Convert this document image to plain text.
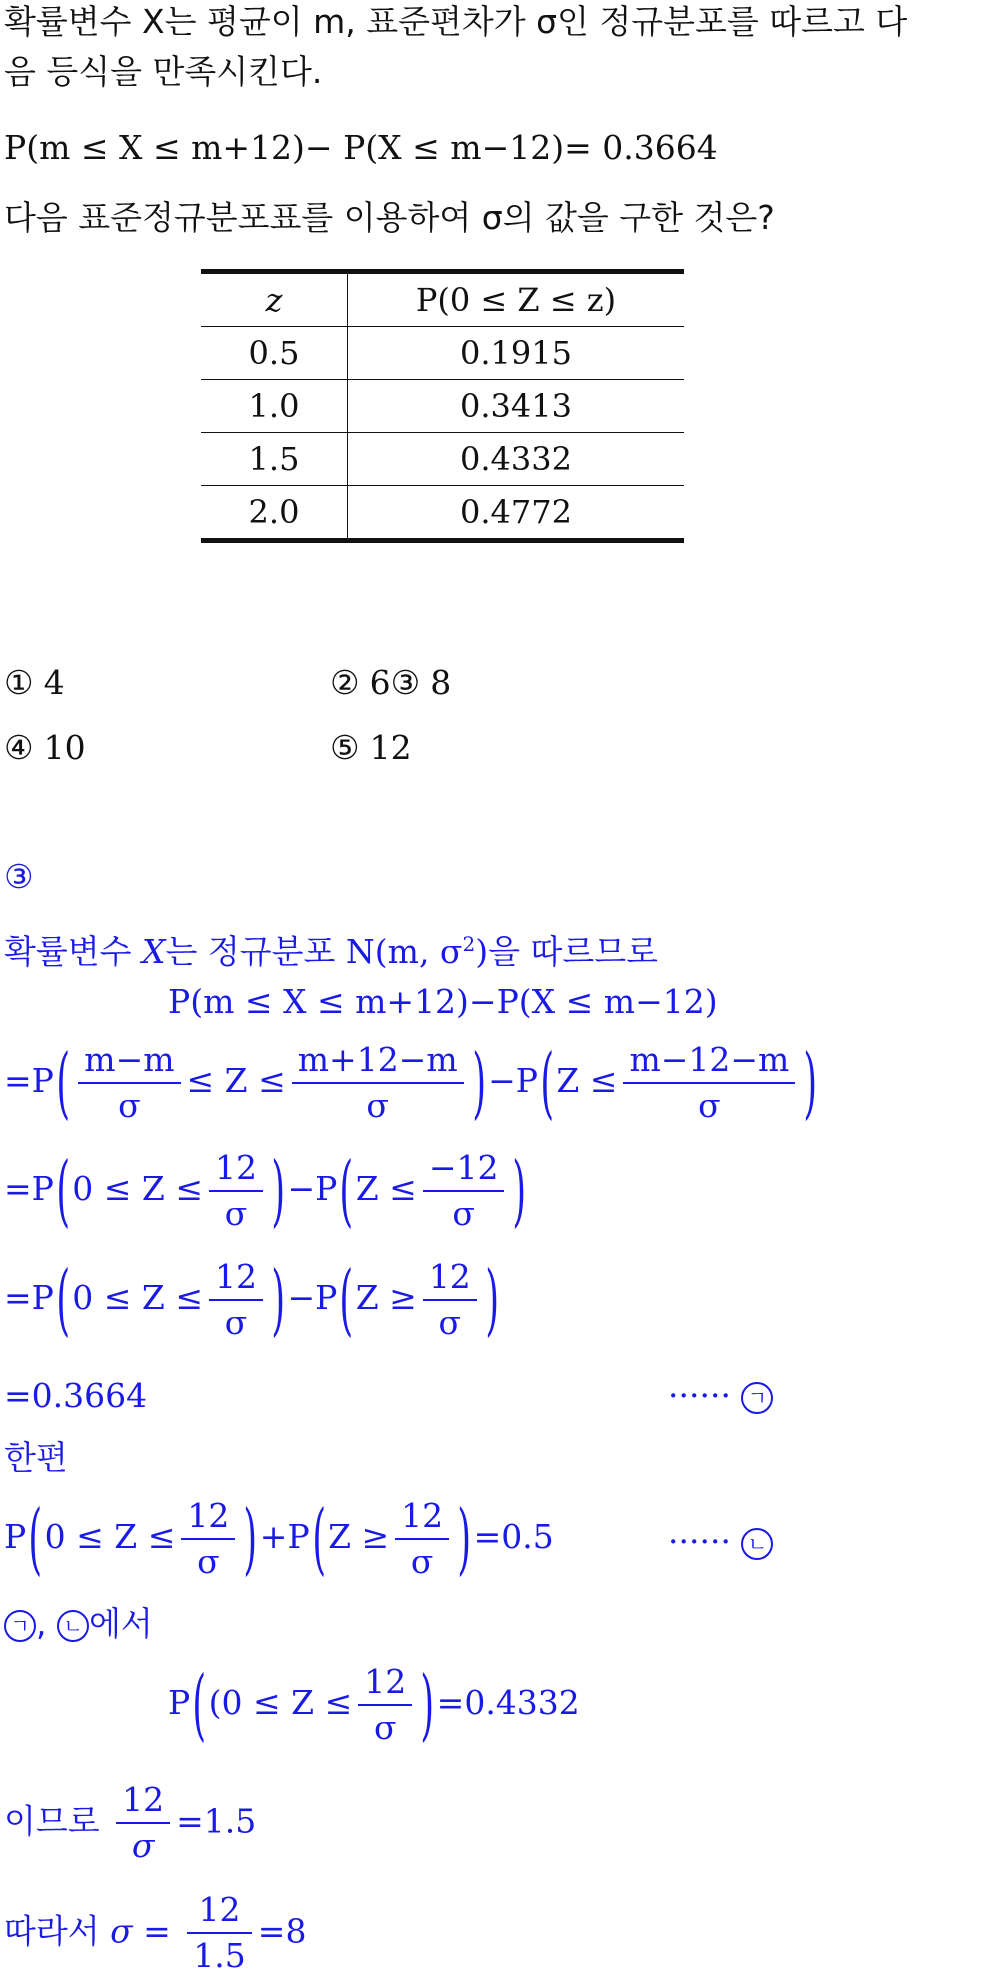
확률변수 X는 평균이 m, 표준편차가 σ인 정규분포를 따르고 다
음 등식을 만족시킨다.
P(m ≤ X ≤ m+12)− P(X ≤ m−12)= 0.3664
다음 표준정규분포표를 이용하여 σ의 값을 구한 것은?
z	P(0 ≤ Z ≤ z)
0.5	0.1915
1.0	0.3413
1.5	0.4332
2.0	0.4772
① 4	② 6③ 8
④ 10	⑤ 12
③
확률변수 X는 정규분포 N(m, $\sigma^2$)을 따르므로
P(m ≤ X ≤ m+12)−P(X ≤ m−12)
$=P( \frac{m-m}{\sigma} \le Z \le \frac{m+12-m}{\sigma} )-P(Z \le \frac{m-12-m}{\sigma}$ )
$=P(0 \le Z \le \frac{12}{\sigma} )-P(Z \le \frac{-12}{\sigma}$ )
$=P(0 \le Z \le \frac{12}{\sigma} )-P(Z \ge \frac{12}{\sigma}$ )
=0.3664	······ ㄱ
한편
$P(0 \le Z \le \frac{12}{\sigma} )+P(Z \ge \frac{12}{\sigma} )=0.5$	······ ㄴ
ㄱ , ㄴ 에서
$P((0 \le Z \le \frac{12}{\sigma} )=0.4332$
이므로 $\frac{12}{\sigma} =1.5$
따라서 $\sigma = \frac{12}{1.5} =8$
